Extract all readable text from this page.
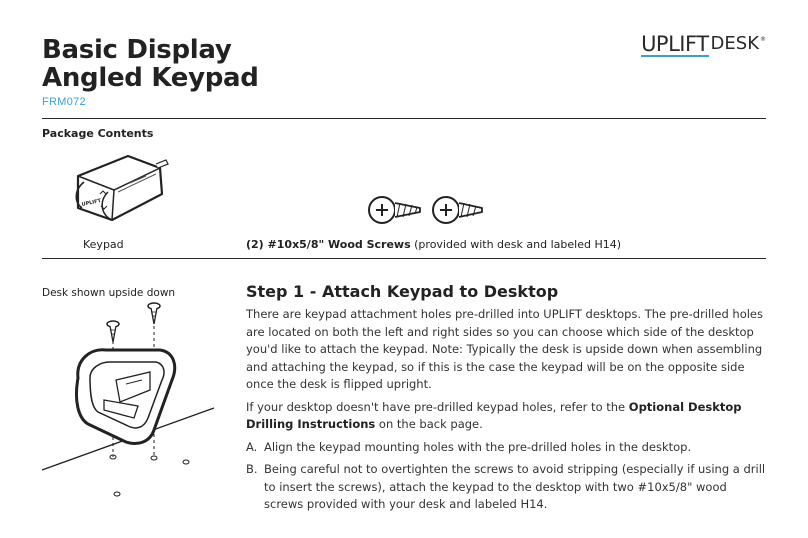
Basic Display
Angled Keypad
FRM072
UPLIFT DESK ®
Package Contents
UPLIFT
Keypad	(2) #10x5/8" Wood Screws (provided with desk and labeled H14)
Desk shown upside down	Step 1 - Attach Keypad to Desktop

There are keypad attachment holes pre-drilled into UPLIFT desktops. The pre-drilled holes are located on both the left and right sides so you can choose which side of the desktop you'd like to attach the keypad. Note: Typically the desk is upside down when assembling and attaching the keypad, so if this is the case the keypad will be on the opposite side once the desk is flipped upright.

If your desktop doesn't have pre-drilled keypad holes, refer to the Optional Desktop Drilling Instructions on the back page.

A. Align the keypad mounting holes with the pre-drilled holes in the desktop.
B. Being careful not to overtighten the screws to avoid stripping (especially if using a drill to insert the screws), attach the keypad to the desktop with two #10x5/8" wood screws provided with your desk and labeled H14.
